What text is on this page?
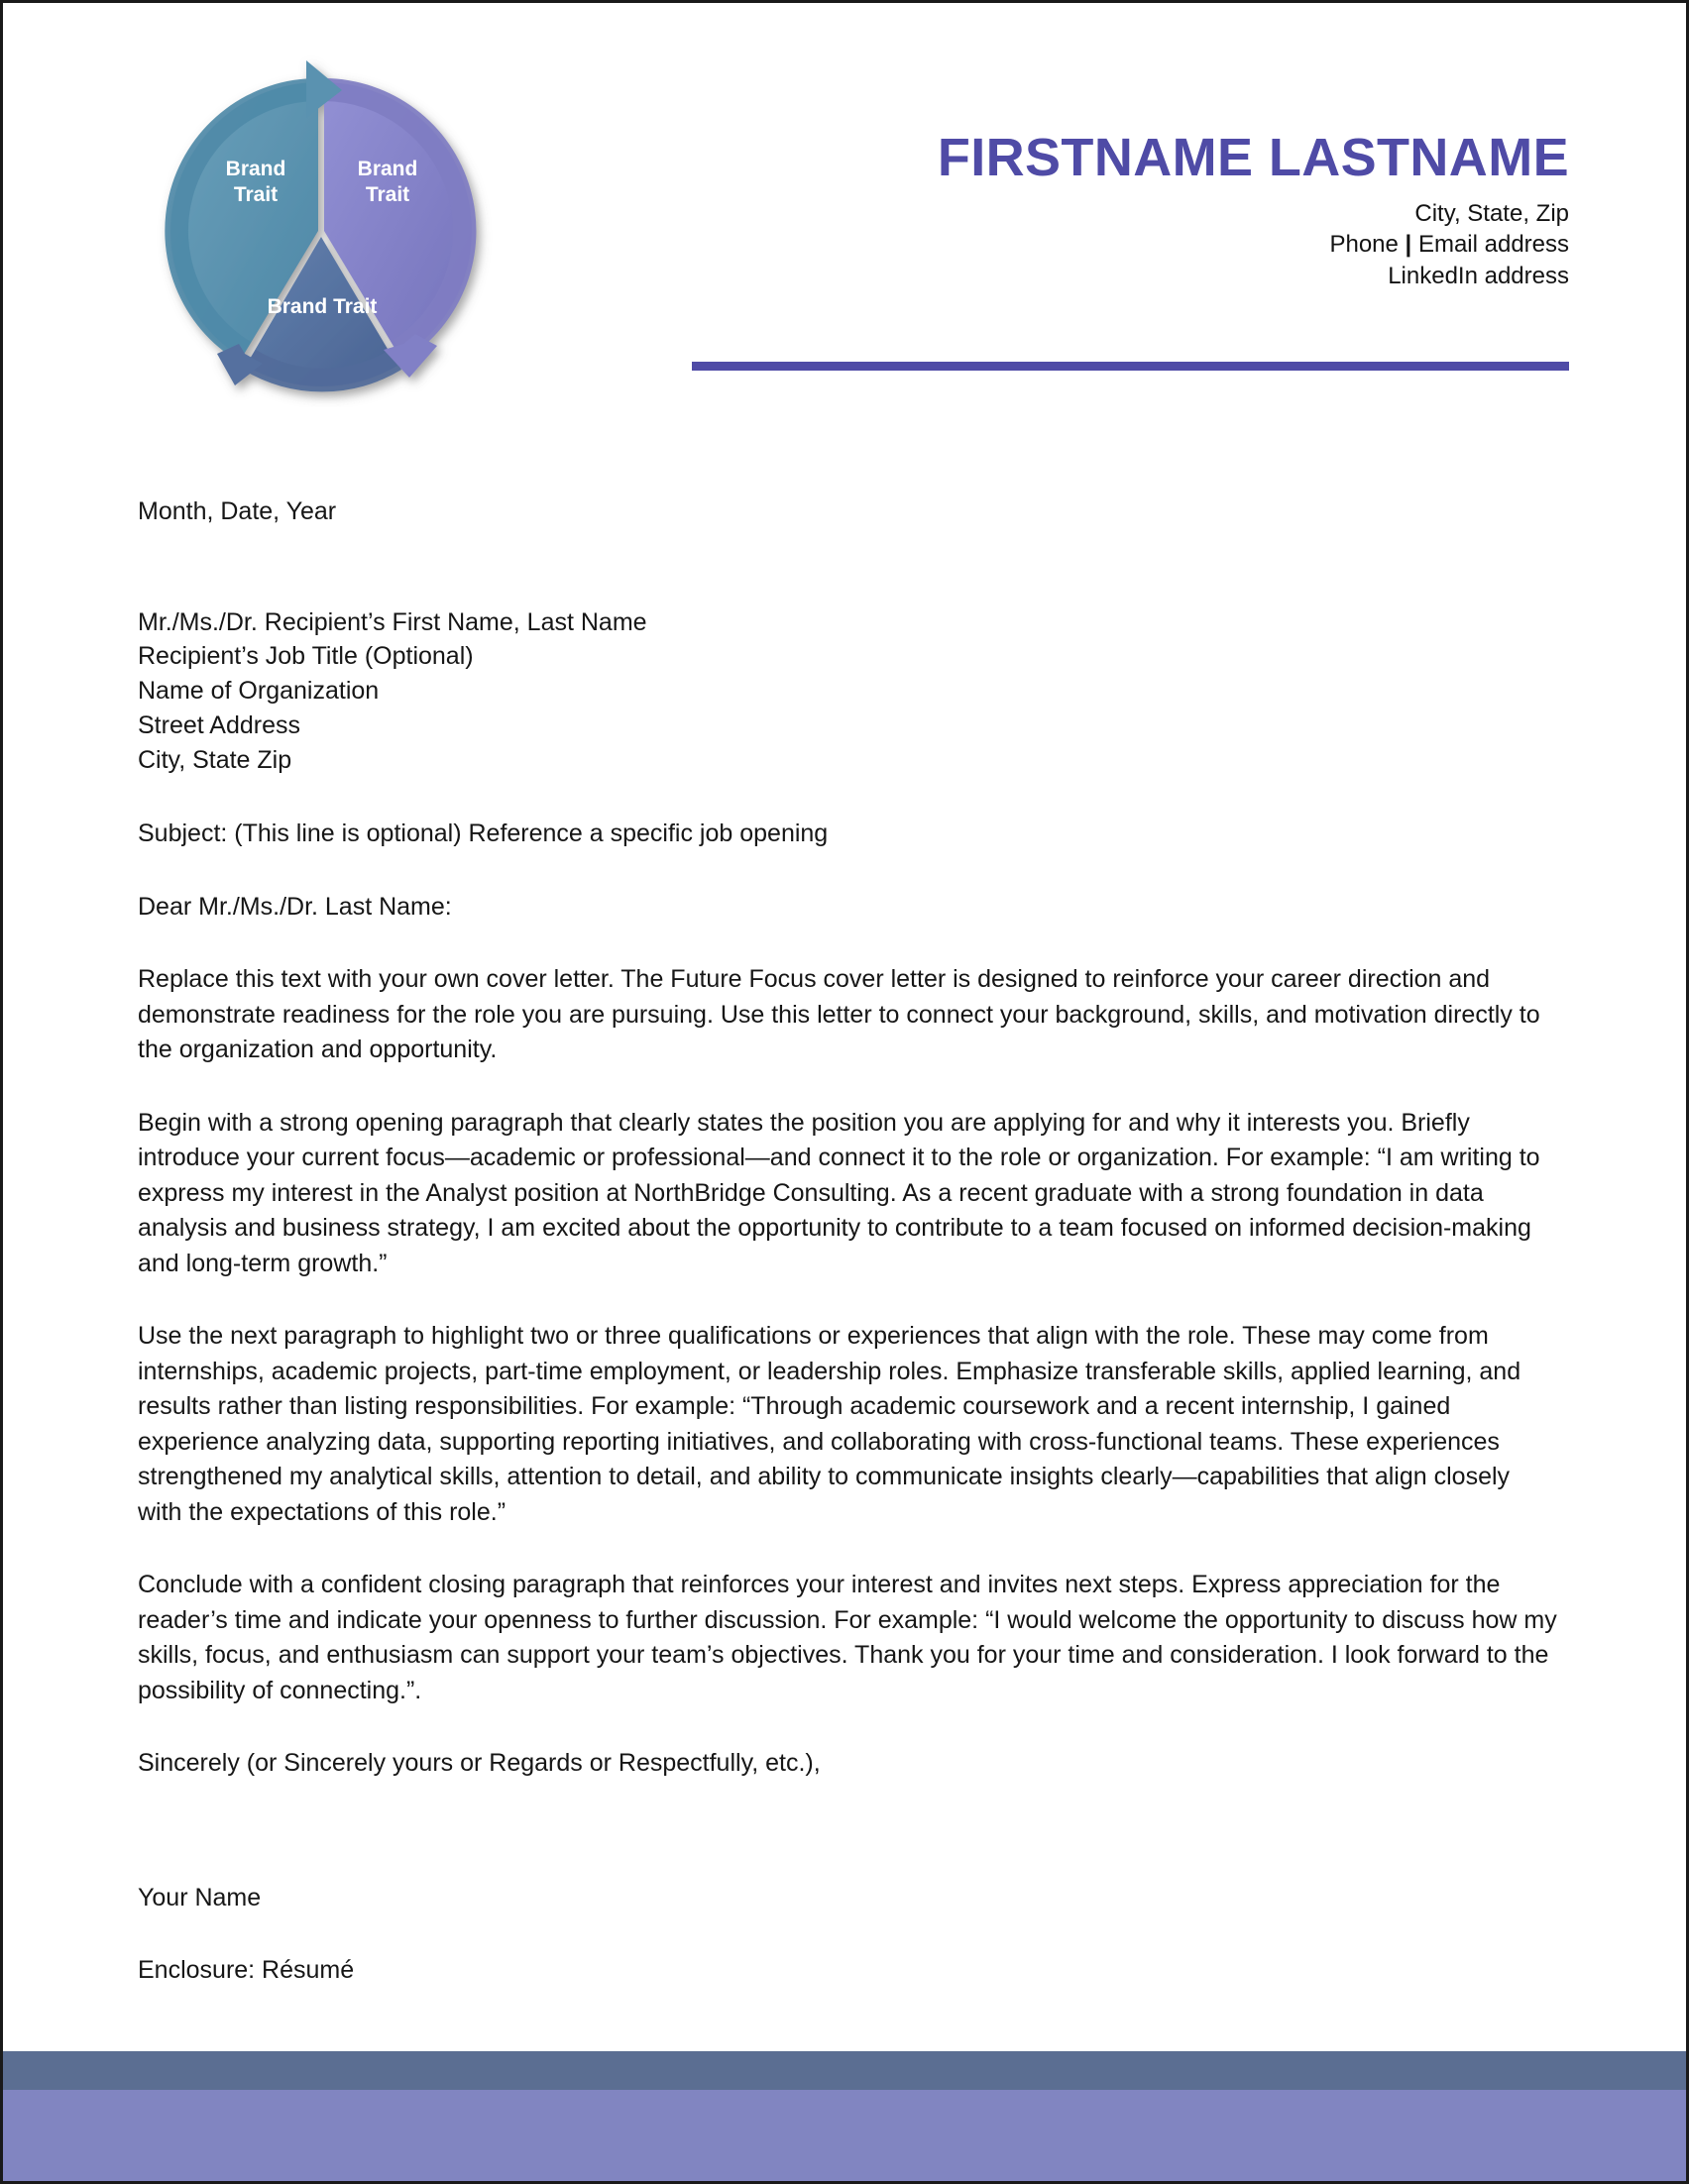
Brand
Trait
Brand
Trait
Brand Trait
FIRSTNAME LASTNAME

City, State, Zip

Phone | Email address

LinkedIn address

Month, Date, Year

Mr./Ms./Dr. Recipient’s First Name, Last Name

Recipient’s Job Title (Optional)

Name of Organization

Street Address

City, State Zip

Subject: (This line is optional) Reference a specific job opening

Dear Mr./Ms./Dr. Last Name:

Replace this text with your own cover letter. The Future Focus cover letter is designed to reinforce your career direction and demonstrate readiness for the role you are pursuing. Use this letter to connect your background, skills, and motivation directly to the organization and opportunity.

Begin with a strong opening paragraph that clearly states the position you are applying for and why it interests you. Briefly introduce your current focus—academic or professional—and connect it to the role or organization. For example: “I am writing to express my interest in the Analyst position at NorthBridge Consulting. As a recent graduate with a strong foundation in data analysis and business strategy, I am excited about the opportunity to contribute to a team focused on informed decision-making and long-term growth.”

Use the next paragraph to highlight two or three qualifications or experiences that align with the role. These may come from internships, academic projects, part-time employment, or leadership roles. Emphasize transferable skills, applied learning, and results rather than listing responsibilities. For example: “Through academic coursework and a recent internship, I gained experience analyzing data, supporting reporting initiatives, and collaborating with cross-functional teams. These experiences strengthened my analytical skills, attention to detail, and ability to communicate insights clearly—capabilities that align closely with the expectations of this role.”

Conclude with a confident closing paragraph that reinforces your interest and invites next steps. Express appreciation for the reader’s time and indicate your openness to further discussion. For example: “I would welcome the opportunity to discuss how my skills, focus, and enthusiasm can support your team’s objectives. Thank you for your time and consideration. I look forward to the possibility of connecting.”.

Sincerely (or Sincerely yours or Regards or Respectfully, etc.),

Your Name

Enclosure: Résumé
